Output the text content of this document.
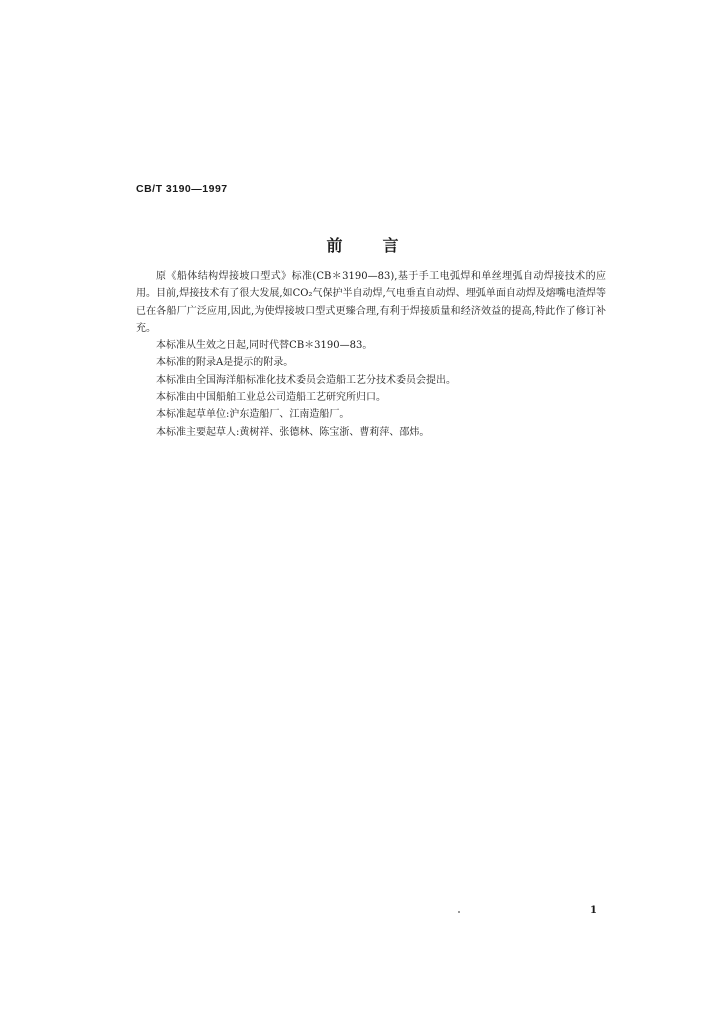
CB/T 3190—1997
前言

原《船体结构焊接坡口型式》标准(CB＊3190—83),基于手工电弧焊和单丝埋弧自动焊接技术的应用。目前,焊接技术有了很大发展,如CO₂气保护半自动焊,气电垂直自动焊、埋弧单面自动焊及熔嘴电渣焊等已在各船厂广泛应用,因此,为使焊接坡口型式更臻合理,有利于焊接质量和经济效益的提高,特此作了修订补充。

本标准从生效之日起,同时代替CB＊3190—83。

本标准的附录A是提示的附录。

本标准由全国海洋船标准化技术委员会造船工艺分技术委员会提出。

本标准由中国船舶工业总公司造船工艺研究所归口。

本标准起草单位:沪东造船厂、江南造船厂。

本标准主要起草人:黄树祥、张德林、陈宝浙、曹莉萍、邵炜。

1
